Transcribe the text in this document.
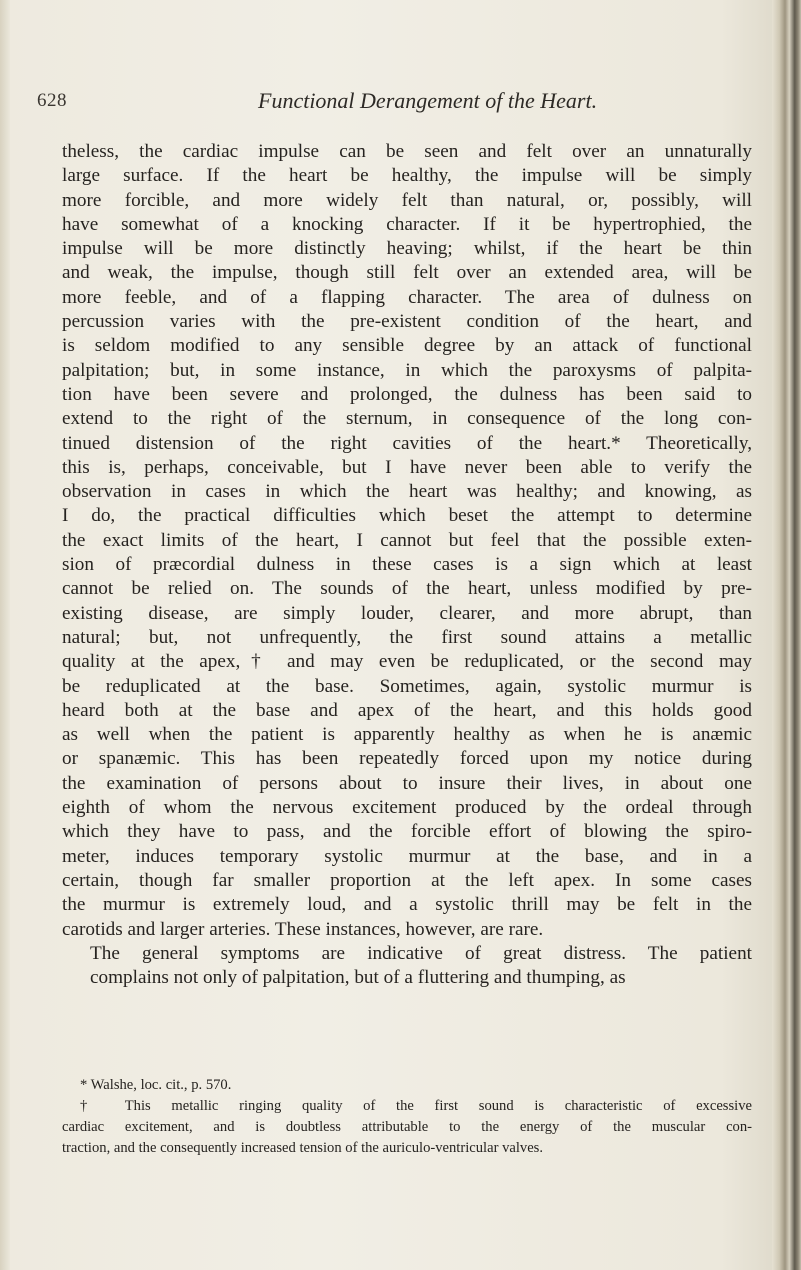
628	Functional Derangement of the Heart.

theless, the cardiac impulse can be seen and felt over an unnaturally
large surface. If the heart be healthy, the impulse will be simply
more forcible, and more widely felt than natural, or, possibly, will
have somewhat of a knocking character. If it be hypertrophied, the
impulse will be more distinctly heaving; whilst, if the heart be thin
and weak, the impulse, though still felt over an extended area, will be
more feeble, and of a flapping character. The area of dulness on
percussion varies with the pre-existent condition of the heart, and
is seldom modified to any sensible degree by an attack of functional
palpitation; but, in some instance, in which the paroxysms of palpita-
tion have been severe and prolonged, the dulness has been said to
extend to the right of the sternum, in consequence of the long con-
tinued distension of the right cavities of the heart.* Theoretically,
this is, perhaps, conceivable, but I have never been able to verify the
observation in cases in which the heart was healthy; and knowing, as
I do, the practical difficulties which beset the attempt to determine
the exact limits of the heart, I cannot but feel that the possible exten-
sion of præcordial dulness in these cases is a sign which at least
cannot be relied on. The sounds of the heart, unless modified by pre-
existing disease, are simply louder, clearer, and more abrupt, than
natural; but, not unfrequently, the first sound attains a metallic
quality at the apex,† and may even be reduplicated, or the second may
be reduplicated at the base. Sometimes, again, systolic murmur is
heard both at the base and apex of the heart, and this holds good
as well when the patient is apparently healthy as when he is anæmic
or spanæmic. This has been repeatedly forced upon my notice during
the examination of persons about to insure their lives, in about one
eighth of whom the nervous excitement produced by the ordeal through
which they have to pass, and the forcible effort of blowing the spiro-
meter, induces temporary systolic murmur at the base, and in a
certain, though far smaller proportion at the left apex. In some cases
the murmur is extremely loud, and a systolic thrill may be felt in the
carotids and larger arteries. These instances, however, are rare.

The general symptoms are indicative of great distress. The patient
complains not only of palpitation, but of a fluttering and thumping, as

* Walshe, loc. cit., p. 570.
† This metallic ringing quality of the first sound is characteristic of excessive
cardiac excitement, and is doubtless attributable to the energy of the muscular con-
traction, and the consequently increased tension of the auriculo-ventricular valves.
